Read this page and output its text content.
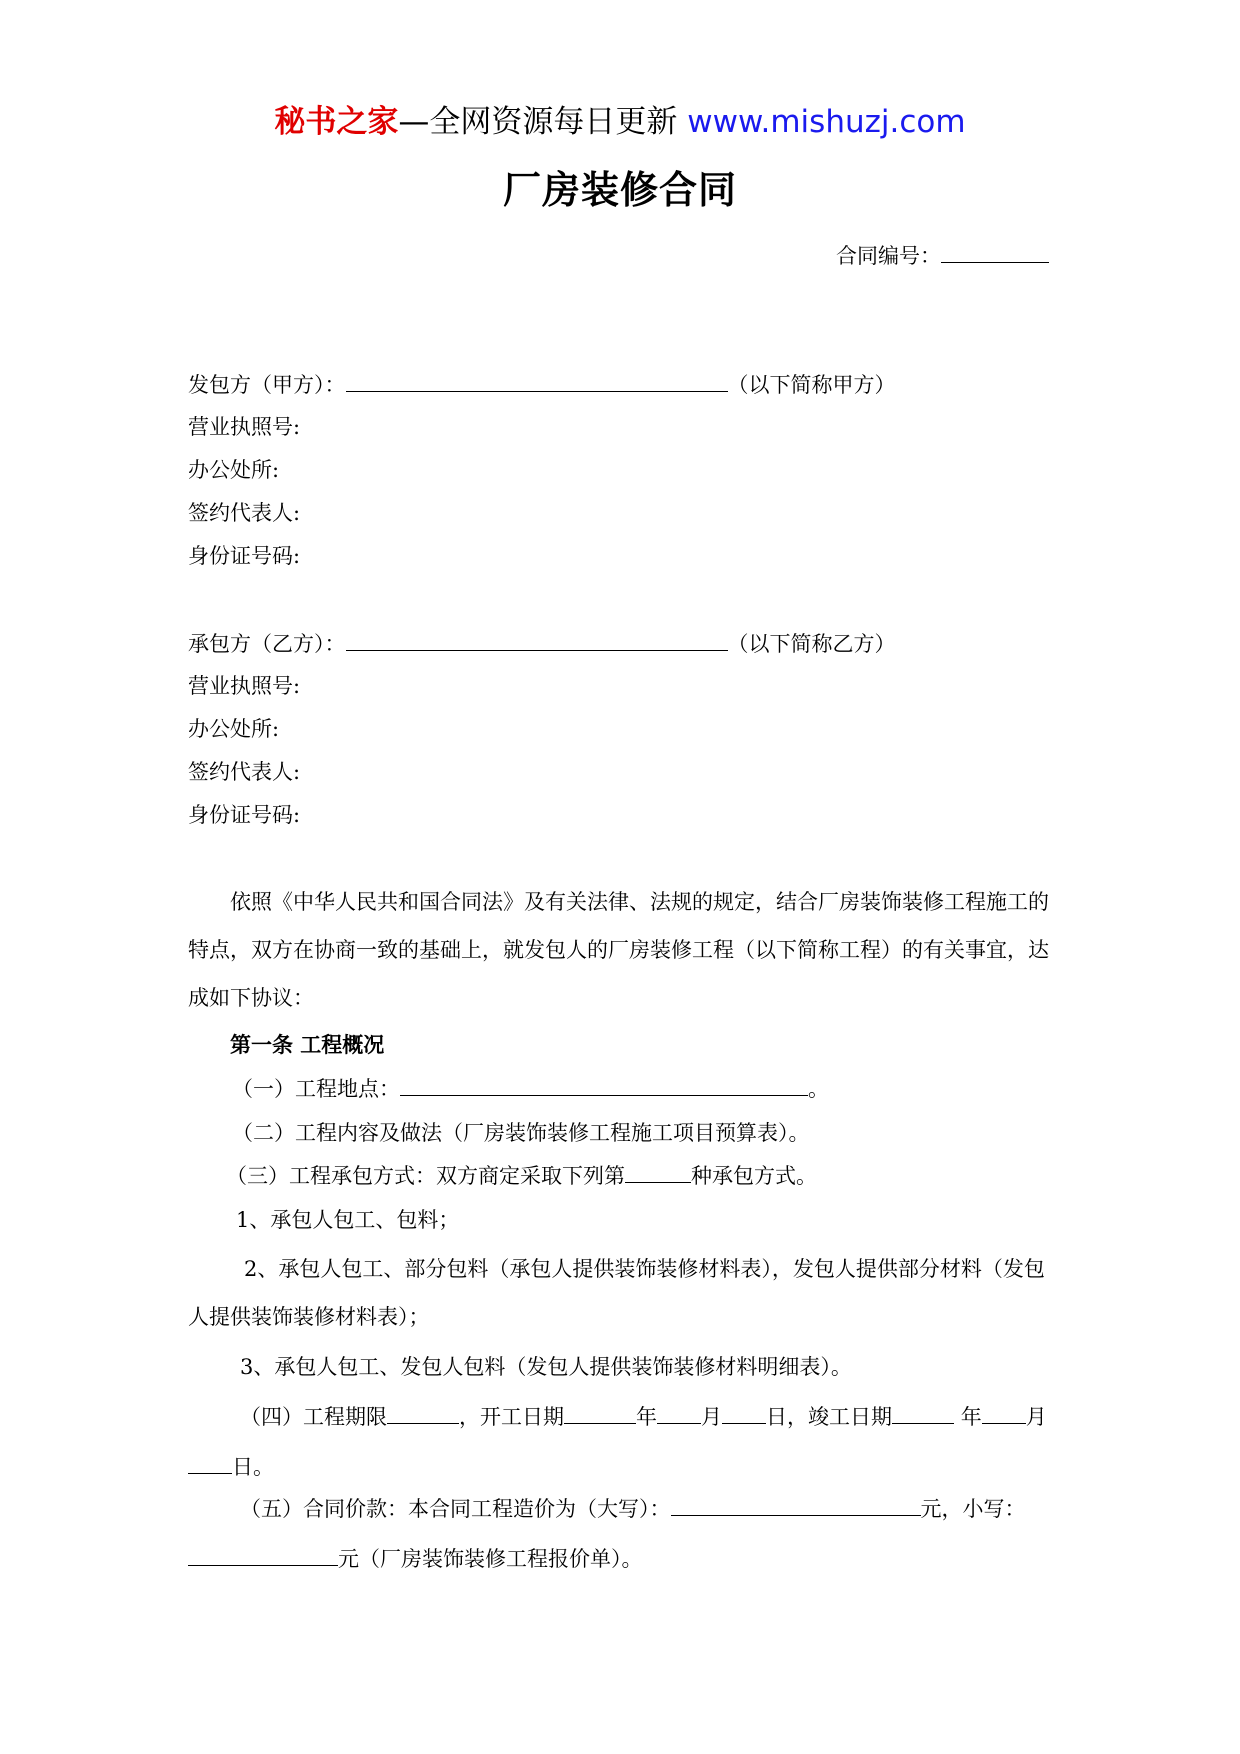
秘书之家—全网资源每日更新 www.mishuzj.com
厂房装修合同
合同编号：
发包方（甲方）：	（以下简称甲方）
营业执照号:
办公处所:
签约代表人:
身份证号码:
承包方（乙方）：	（以下简称乙方）
营业执照号:
办公处所:
签约代表人:
身份证号码:
依照《中华人民共和国合同法》及有关法律、法规的规定，结合厂房装饰装修工程施工的特点，双方在协商一致的基础上，就发包人的厂房装修工程（以下简称工程）的有关事宜，达成如下协议：
第一条 工程概况
（一）工程地点：	。
（二）工程内容及做法（厂房装饰装修工程施工项目预算表）。
（三）工程承包方式：双方商定采取下列第	种承包方式。
1、承包人包工、包料；
2、承包人包工、部分包料（承包人提供装饰装修材料表），发包人提供部分材料（发包人提供装饰装修材料表）；
3、承包人包工、发包人包料（发包人提供装饰装修材料明细表）。
（四）工程期限	，开工日期	年 月 日，竣工日期	年 月日。
（五）合同价款：本合同工程造价为（大写）：	元，小写：元（厂房装饰装修工程报价单）。
